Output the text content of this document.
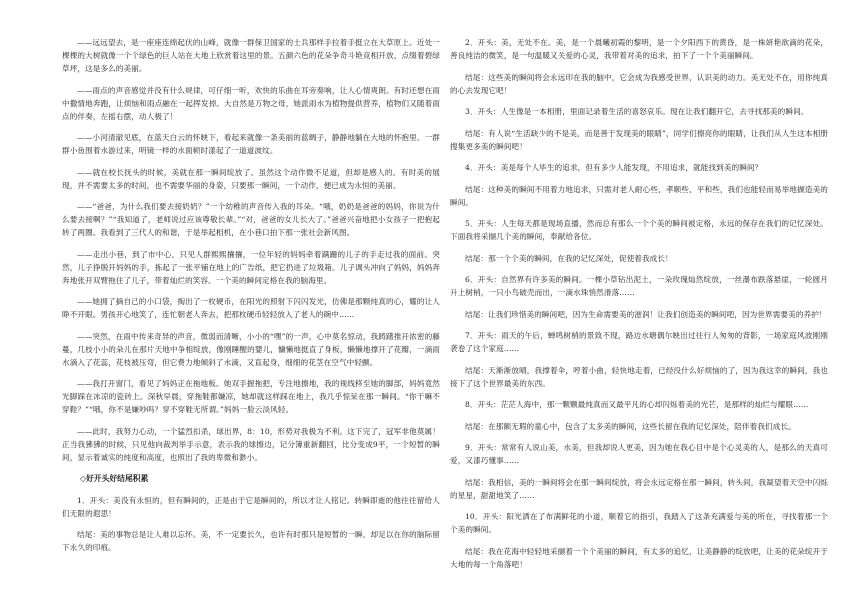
——远远望去，是一座座连绵起伏的山峰，就像一群保卫国家的士兵那样手拉着手挺立在大草原上。近处一棵棵的大树就像一个个绿色的巨人站在大地上欣赏着这里的景。五颜六色的花朵争奇斗艳竞相开放，点缀着碧绿草坪，这是多么的美丽。

——雨点的声音感觉并没有什么规律，可仔细一听，欢快的乐曲在耳旁奏响，让人心情爽朗。有时还想在雨中撒情地奔跑，让烦恼和雨点融在一起挥发掉。大自然是万物之母，她派雨水为植物提供营养，植物们又随着雨点的伴奏，左摇右摆，动人极了！

——小河清澈见底，在蓝天白云的怀映下，看起来就像一条美丽的蓝绸子，静静地躺在大地的怀抱里。一群群小鱼围着水游过来，明镜一样的水面顿时漾起了一道道波纹。

——就在校长抚头的时候，美就在那一瞬间绽放了。虽然这个动作微不足道，但却是感人的。有时美的展现，并不需要太多的时间，也不需要华丽的身姿，只要那一瞬间，一个动作，便已成为永恒的美丽。

——“爸爸，为什么我们要去接奶奶？”一个幼稚的声音传入我的耳朵。“哦，奶奶是爸爸的妈妈，你说为什么要去接啊？”“我知道了，老师说过应该尊敬长辈。”“对，爸爸的女儿长大了。”爸爸兴奋地把小女孩子一把抱起转了两圈。我看到了三代人的和谐，于是举起相机，在小巷口拍下那一张社会新风图。

——走出小巷，到了市中心，只见人群熙熙攘攘，一位年轻的妈妈牵着蹒跚的儿子的手走过我的面前。突然，儿子挣脱开妈妈的手，拣起了一张平铺在地上的广告纸，把它扔进了垃圾箱。儿子调头冲向了妈妈，妈妈奔奔地张开双臂拖住了儿子，带着灿烂的笑容。一个美的瞬间定格在我的脑海里。

——她拥了摘自己的小口袋，掏出了一枚硬币，在阳光的照射下闪闪发光，仿佛是那颗纯真的心，耀的让人睁不开眼。男孩开心地笑了，连忙朝老人奔去，把那枚硬币轻轻放入了老人的碗中……

——突然，在雨中传来奇异的声音，微弱而清晰，小小的“嘿”的一声，心中莫名惊动，我踌躇推开浓密的藤蔓，几枝小小的朵儿在那片天地中争相绽放，像刚睡醒的婴儿，慵懒地挺直了身板，懒懒地撑开了花瓣，一滴雨水滴入了花蕊，花枝被压弯，但它费力地倾斜了水滴，又直起身，细细的花茎在空气中轻颤。

——我打开窗门，看见了妈妈正在拖地板。她双手握拖把，专注地擦地，我的视线移至她的脚部，妈妈竟然光脚踩在冰凉的瓷砖上。深秋早晨，穿拖鞋都嫌凉，她却就这样踩在地上，我几乎惊呆在那一瞬间。“你干嘛不穿鞋？”“哦，你不是嫌吵吗？穿不穿鞋无所谓。”妈妈一脸云淡风轻。

——此时，我努力心动，一个猛烈扣杀，球出界，8：10，形势对我极为不利。这下完了，冠军非他莫属！正当我狒狒的时候，只见他向裁判举手示意，表示我的球擦边，记分簿重新翻回，比分变成9平，一个短暂的瞬间，显示着诚实的纯度和高度，也照出了我的卑微和渺小。

◇好开头好结尾积累

1．开头：美没有永恒的，但有瞬间的，正是由于它是瞬间的，所以才让人铭记。转瞬即逝的他往往留给人们无限的遐思！

结尾：美的事物总是让人难以忘怀。美，不一定要长久，也许有时那只是短暂的一瞬，却足以在你的脑际留下永久的印痕。

2．开头：美，无处不在。美，是一个晨曦初霞的黎明，是一个夕阳西下的黄昏，是一株妍艳欲滴的花朵，善良纯洁的微笑，是一句温暖又关爱的心灵，我带着对美的追求，拍下了一个个美丽瞬间。

结尾：这些美的瞬间将会永远印在我的脑中，它会成为我感受世界，认识美的动力。美无处不在，用你纯真的心去发现它吧！

3．开头：人生像是一本相册，里面记录着生活的喜怒哀乐。现在让我们翻开它，去寻找那美的瞬间。

结尾：有人说“生活缺少的不是美，而是善于发现美的眼睛”，同学们擦亮你的眼睛，让我们从人生这本相册搜集更多美的瞬间吧！

4．开头：美是每个人毕生的追求，但有多少人能发现，不用追求，就能找到美的瞬间？

结尾：这种美的瞬间不用着力地追求，只需对老人耐心些，孝顺些、平和些，我们也能轻而易举地撷造美的瞬间。

5．开头：人生每天都是现场直播，然而总有那么一个个美的瞬间被定格，永远的保存在我们的记忆深处。下面我将采撷几个美的瞬间，奉献给各位。

结尾：那一个个美的瞬间，在我的记忆深处，促使着我成长！

6．开头：自然界有许多美的瞬间。一棵小草钻出泥土，一朵玫瑰灿然绽放，一丝瀑布跌落悬崖，一轮圆月升上树梢，一只小鸟破壳而出，一滴水珠悄然滑落……

结尾：让我们珍惜美的瞬间吧，因为生命需要美的滋润！让我们创造美的瞬间吧，因为世界需要美的养护！

7．开头：雨天的午后，蝉鸣树梢的景致不现，路边水塘偶尔映出过往行人匆匆的背影，一场家庭风波刚刚袭卷了这个家庭……

结尾：天渐渐放晴，我撑着伞，哼着小曲，轻快地走着，已经没什么好烦恼的了，因为我这幸的瞬间，我也接下了这个世界最美的东西。

8．开头：茫茫人海中，那一颗颗最纯真而又最平凡的心却闪烁着美的光芒，是那样的灿烂与耀眼……

结尾：在那额无瑕的童心中，包含了太多美的瞬间，这些长留在我的记忆深处，陪伴着我们成长。

9．开头：常常有人说山美，水美，但我却说人更美，因为她在我心目中是个心灵美的人，是那么的天真可爱，又漆巧懂事……

结尾：我相信，美的一瞬间将会在那一瞬间绽放，将会永远定格在那一瞬间，转头间，我凝望着天空中闪烁的星星，甜甜地笑了……

10．开头：阳光洒在了布满鲜花的小道，顺着它的指引，我踏入了这条充满爱与美的所在，寻找着那一个个美的瞬间。

结尾：我在花海中轻轻地采撷着一个个美丽的瞬间，有太多的追忆，让美静静的绽放吧，让美的花朵绽开于大地的每一个角落吧！
